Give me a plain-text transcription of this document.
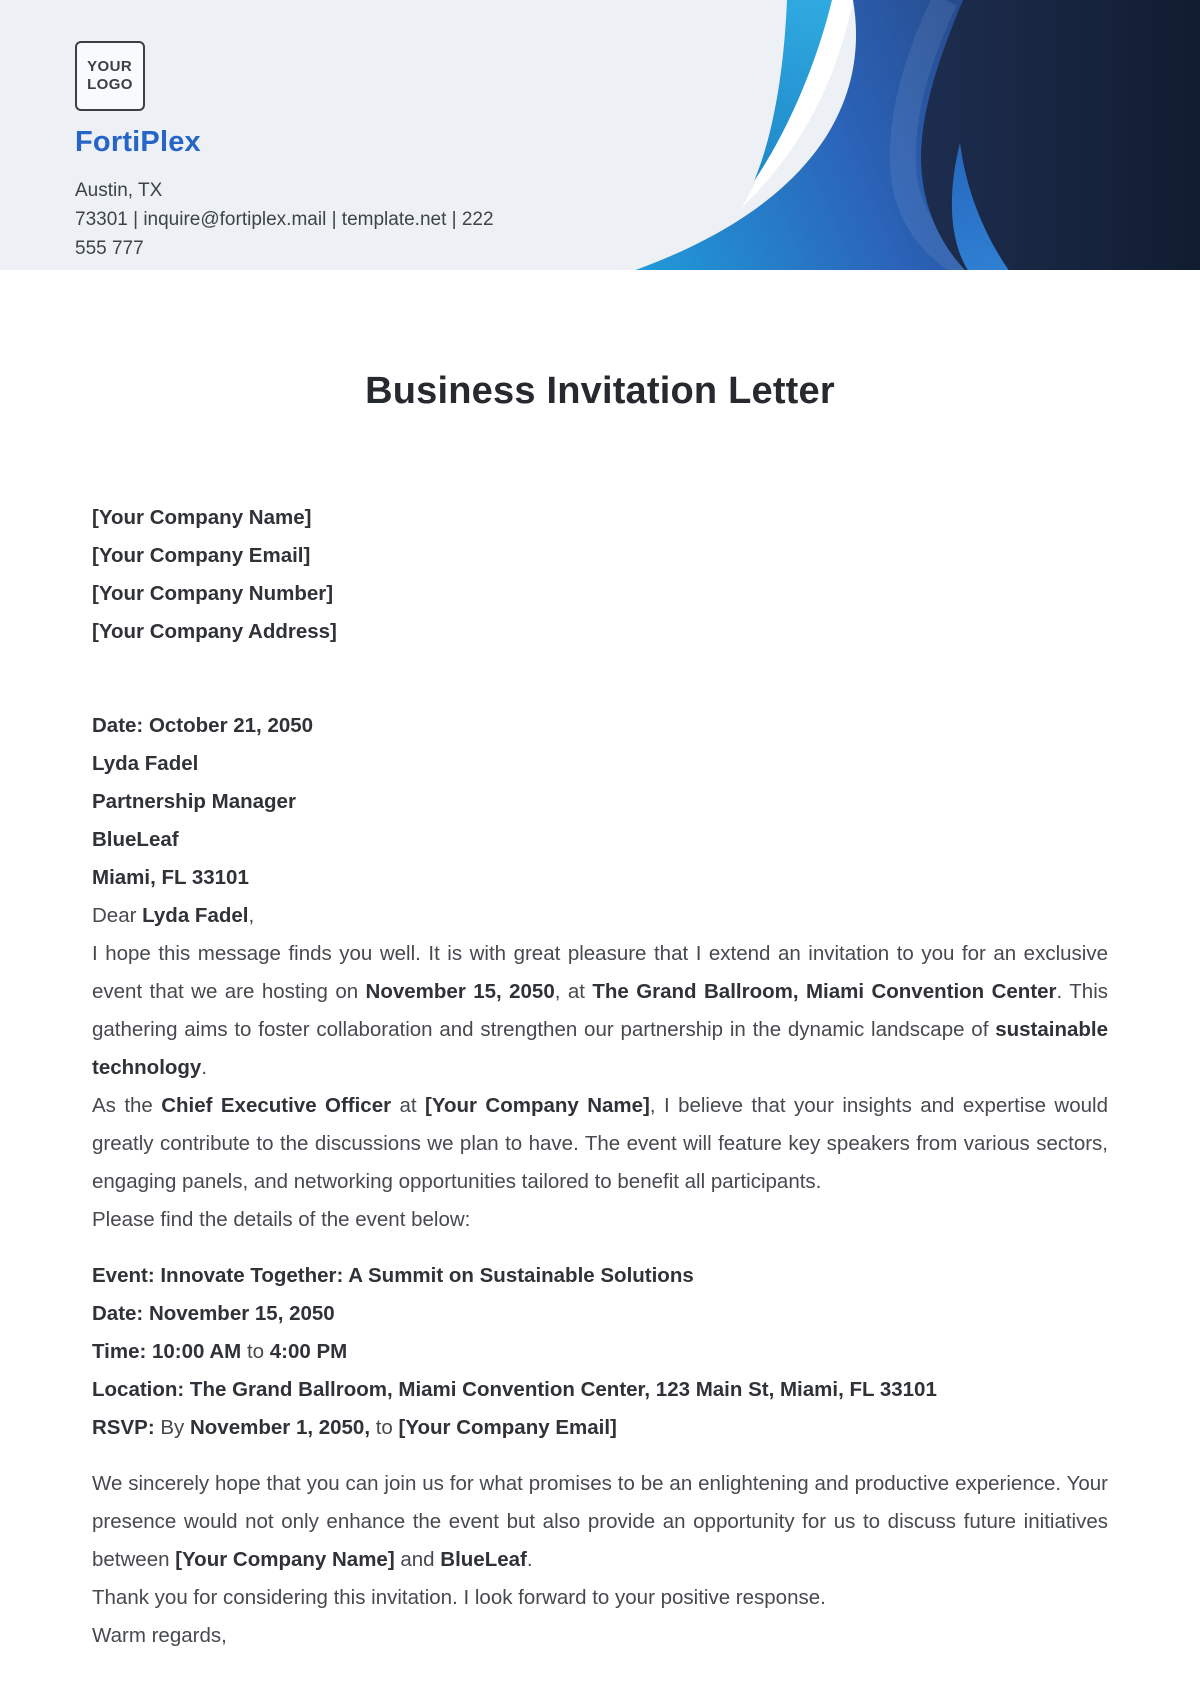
YOUR
LOGO
FortiPlex
Austin, TX
73301 | inquire@fortiplex.mail | template.net | 222
555 777
Business Invitation Letter
[Your Company Name]
[Your Company Email]
[Your Company Number]
[Your Company Address]
Date: October 21, 2050
Lyda Fadel
Partnership Manager
BlueLeaf
Miami, FL 33101
Dear Lyda Fadel,
I hope this message finds you well. It is with great pleasure that I extend an invitation to you for an exclusive event that we are hosting on November 15, 2050, at The Grand Ballroom, Miami Convention Center. This gathering aims to foster collaboration and strengthen our partnership in the dynamic landscape of sustainable technology.
As the Chief Executive Officer at [Your Company Name], I believe that your insights and expertise would greatly contribute to the discussions we plan to have. The event will feature key speakers from various sectors, engaging panels, and networking opportunities tailored to benefit all participants.
Please find the details of the event below:
Event: Innovate Together: A Summit on Sustainable Solutions
Date: November 15, 2050
Time: 10:00 AM to 4:00 PM
Location: The Grand Ballroom, Miami Convention Center, 123 Main St, Miami, FL 33101
RSVP: By November 1, 2050, to [Your Company Email]
We sincerely hope that you can join us for what promises to be an enlightening and productive experience. Your presence would not only enhance the event but also provide an opportunity for us to discuss future initiatives between [Your Company Name] and BlueLeaf.
Thank you for considering this invitation. I look forward to your positive response.
Warm regards,
